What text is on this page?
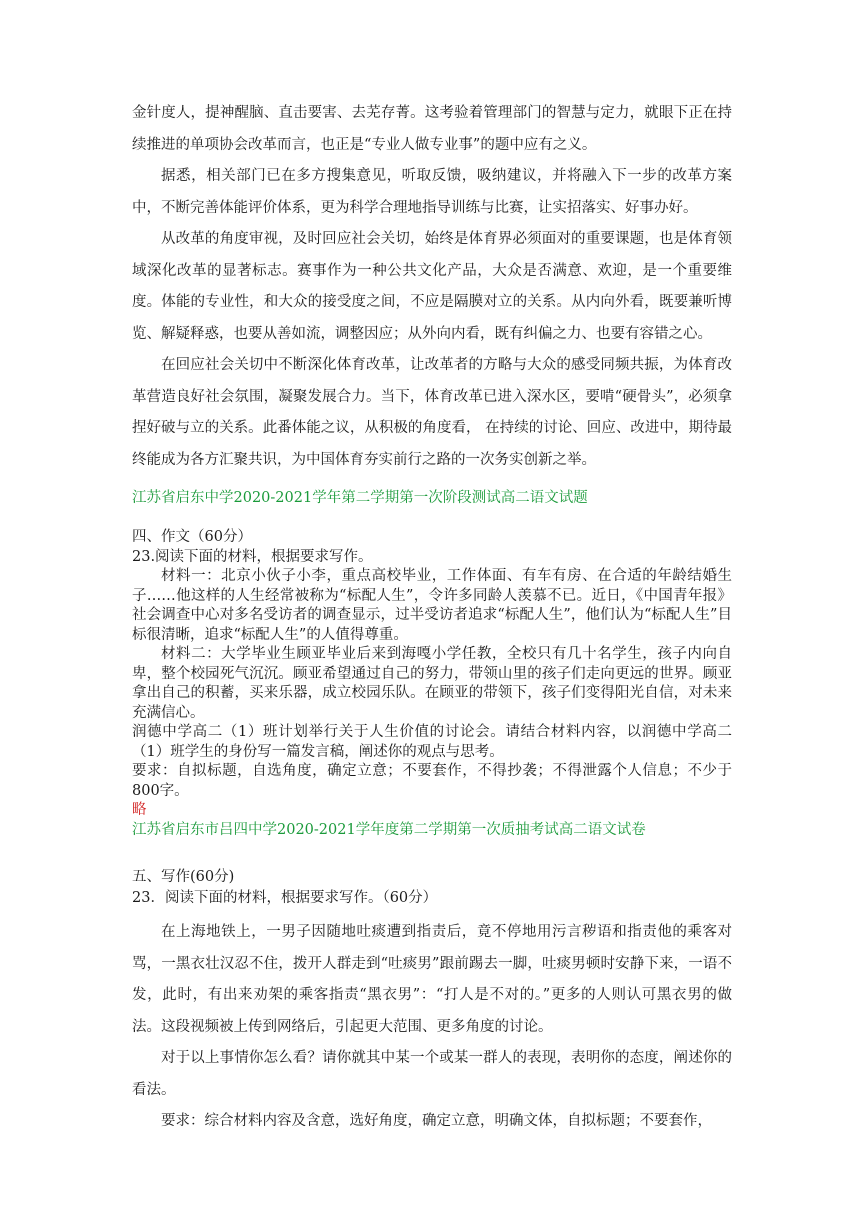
金针度人，提神醒脑、直击要害、去芜存菁。这考验着管理部门的智慧与定力，就眼下正在持续推进的单项协会改革而言，也正是“专业人做专业事”的题中应有之义。

据悉，相关部门已在多方搜集意见，听取反馈，吸纳建议，并将融入下一步的改革方案中，不断完善体能评价体系，更为科学合理地指导训练与比赛，让实招落实、好事办好。

从改革的角度审视，及时回应社会关切，始终是体育界必须面对的重要课题，也是体育领域深化改革的显著标志。赛事作为一种公共文化产品，大众是否满意、欢迎，是一个重要维度。体能的专业性，和大众的接受度之间，不应是隔膜对立的关系。从内向外看，既要兼听博览、解疑释惑，也要从善如流，调整因应；从外向内看，既有纠偏之力、也要有容错之心。

在回应社会关切中不断深化体育改革，让改革者的方略与大众的感受同频共振，为体育改革营造良好社会氛围，凝聚发展合力。当下，体育改革已进入深水区，要啃“硬骨头”，必须拿捏好破与立的关系。此番体能之议，从积极的角度看， 在持续的讨论、回应、改进中，期待最终能成为各方汇聚共识，为中国体育夯实前行之路的一次务实创新之举。

江苏省启东中学2020-2021学年第二学期第一次阶段测试高二语文试题

四、作文（60分）

23.阅读下面的材料，根据要求写作。

材料一：北京小伙子小李，重点高校毕业，工作体面、有车有房、在合适的年龄结婚生子……他这样的人生经常被称为“标配人生”，令许多同龄人羡慕不已。近日，《中国青年报》社会调查中心对多名受访者的调查显示，过半受访者追求“标配人生”，他们认为“标配人生”目标很清晰，追求“标配人生”的人值得尊重。

材料二：大学毕业生顾亚毕业后来到海嘎小学任教，全校只有几十名学生，孩子内向自卑，整个校园死气沉沉。顾亚希望通过自己的努力，带领山里的孩子们走向更远的世界。顾亚拿出自己的积蓄，买来乐器，成立校园乐队。在顾亚的带领下，孩子们变得阳光自信，对未来充满信心。

润德中学高二（1）班计划举行关于人生价值的讨论会。请结合材料内容，以润德中学高二（1）班学生的身份写一篇发言稿，阐述你的观点与思考。

要求：自拟标题，自选角度，确定立意；不要套作，不得抄袭；不得泄露个人信息；不少于800字。

略

江苏省启东市吕四中学2020-2021学年度第二学期第一次质抽考试高二语文试卷

五、写作(60分)

23．阅读下面的材料，根据要求写作。（60分）

在上海地铁上，一男子因随地吐痰遭到指责后，竟不停地用污言秽语和指责他的乘客对骂，一黑衣壮汉忍不住，拨开人群走到“吐痰男”跟前踢去一脚，吐痰男顿时安静下来，一语不发，此时，有出来劝架的乘客指责“黑衣男”：“打人是不对的。”更多的人则认可黑衣男的做法。这段视频被上传到网络后，引起更大范围、更多角度的讨论。

对于以上事情你怎么看？请你就其中某一个或某一群人的表现，表明你的态度，阐述你的看法。

要求：综合材料内容及含意，选好角度，确定立意，明确文体，自拟标题；不要套作，
